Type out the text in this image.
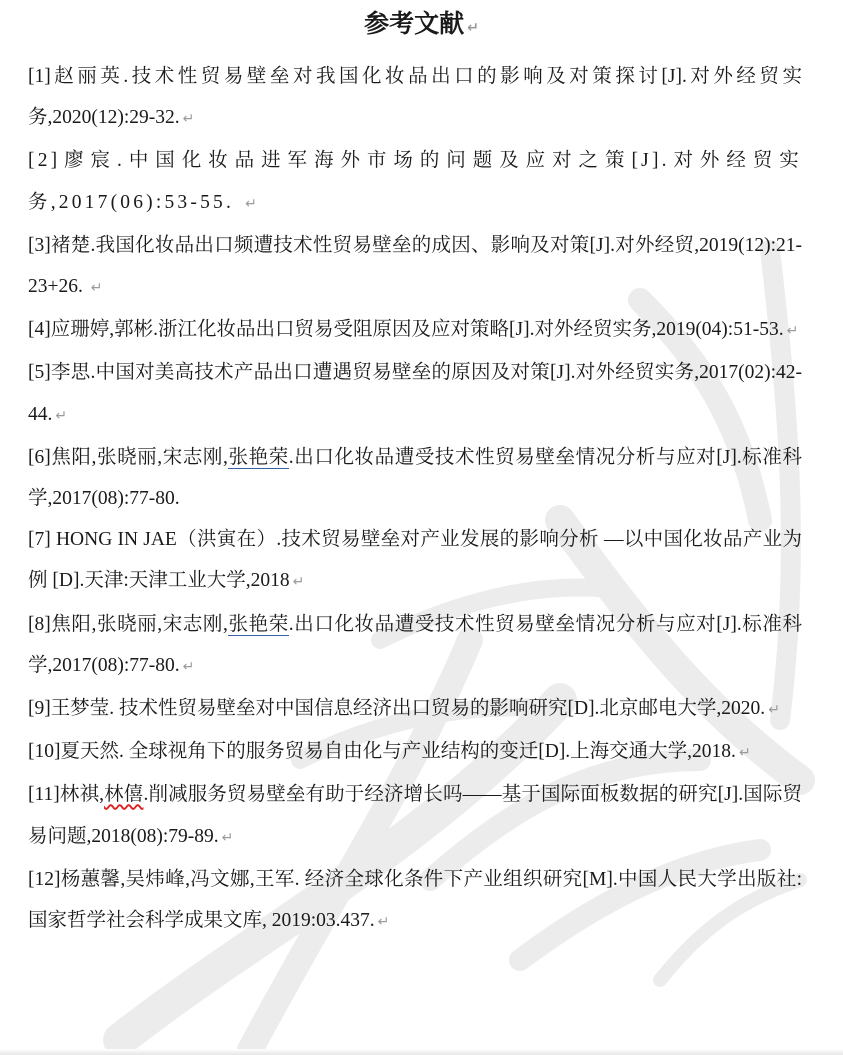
参考文献↵

[1]赵丽英.技术性贸易壁垒对我国化妆品出口的影响及对策探讨[J].对外经贸实务,2020(12):29-32.↵

[2]廖宸.中国化妆品进军海外市场的问题及应对之策[J].对外经贸实务,2017(06):53-55. ↵

[3]褚楚.我国化妆品出口频遭技术性贸易壁垒的成因、影响及对策[J].对外经贸,2019(12):21-23+26. ↵

[4]应珊婷,郭彬.浙江化妆品出口贸易受阻原因及应对策略[J].对外经贸实务,2019(04):51-53.↵

[5]李思.中国对美高技术产品出口遭遇贸易壁垒的原因及对策[J].对外经贸实务,2017(02):42-44.↵

[6]焦阳,张晓丽,宋志刚,张艳荣.出口化妆品遭受技术性贸易壁垒情况分析与应对[J].标准科学,2017(08):77-80.

[7] HONG IN JAE（洪寅在）.技术贸易壁垒对产业发展的影响分析 —以中国化妆品产业为例 [D].天津:天津工业大学,2018↵

[8]焦阳,张晓丽,宋志刚,张艳荣.出口化妆品遭受技术性贸易壁垒情况分析与应对[J].标准科学,2017(08):77-80.↵

[9]王梦莹. 技术性贸易壁垒对中国信息经济出口贸易的影响研究[D].北京邮电大学,2020.↵

[10]夏天然. 全球视角下的服务贸易自由化与产业结构的变迁[D].上海交通大学,2018.↵

[11]林祺,林僖.削减服务贸易壁垒有助于经济增长吗——基于国际面板数据的研究[J].国际贸易问题,2018(08):79-89.↵

[12]杨蕙馨,吴炜峰,冯文娜,王军. 经济全球化条件下产业组织研究[M].中国人民大学出版社:国家哲学社会科学成果文库, 2019:03.437.↵
